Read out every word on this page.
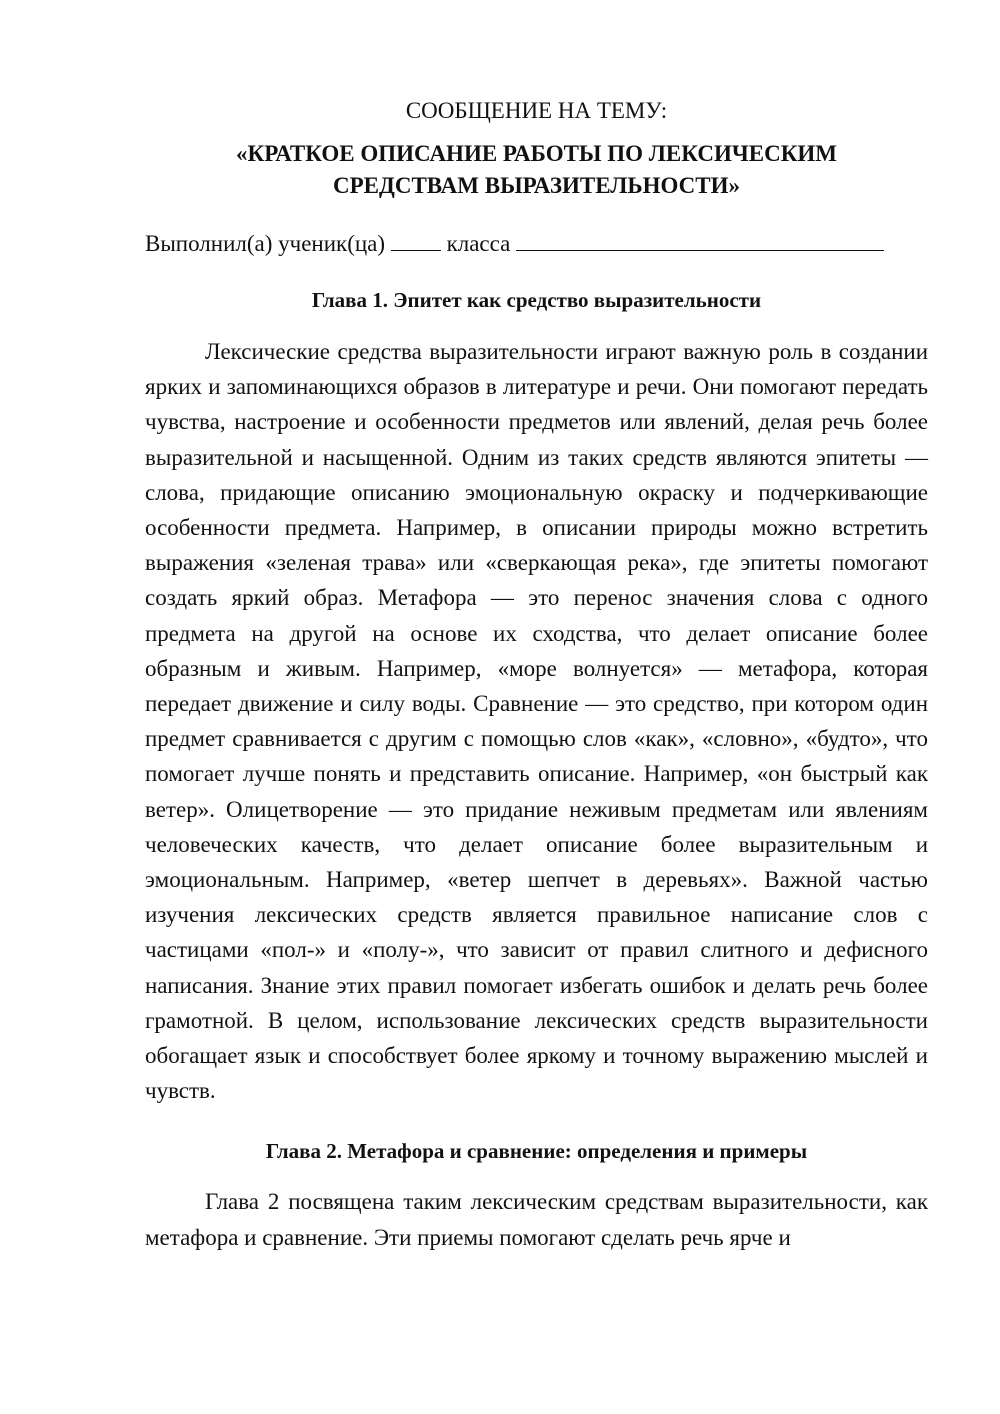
СООБЩЕНИЕ НА ТЕМУ:

«КРАТКОЕ ОПИСАНИЕ РАБОТЫ ПО ЛЕКСИЧЕСКИМ
СРЕДСТВАМ ВЫРАЗИТЕЛЬНОСТИ»

Выполнил(а) ученик(ца)	класса
Глава 1. Эпитет как средство выразительности

Лексические средства выразительности играют важную роль в создании ярких и запоминающихся образов в литературе и речи. Они помогают передать чувства, настроение и особенности предметов или явлений, делая речь более выразительной и насыщенной. Одним из таких средств являются эпитеты — слова, придающие описанию эмоциональную окраску и подчеркивающие особенности предмета. Например, в описании природы можно встретить выражения «зеленая трава» или «сверкающая река», где эпитеты помогают создать яркий образ. Метафора — это перенос значения слова с одного предмета на другой на основе их сходства, что делает описание более образным и живым. Например, «море волнуется» — метафора, которая передает движение и силу воды. Сравнение — это средство, при котором один предмет сравнивается с другим с помощью слов «как», «словно», «будто», что помогает лучше понять и представить описание. Например, «он быстрый как ветер». Олицетворение — это придание неживым предметам или явлениям человеческих качеств, что делает описание более выразительным и эмоциональным. Например, «ветер шепчет в деревьях». Важной частью изучения лексических средств является правильное написание слов с частицами «пол-» и «полу-», что зависит от правил слитного и дефисного написания. Знание этих правил помогает избегать ошибок и делать речь более грамотной. В целом, использование лексических средств выразительности обогащает язык и способствует более яркому и точному выражению мыслей и чувств.

Глава 2. Метафора и сравнение: определения и примеры

Глава 2 посвящена таким лексическим средствам выразительности, как метафора и сравнение. Эти приемы помогают сделать речь ярче и
